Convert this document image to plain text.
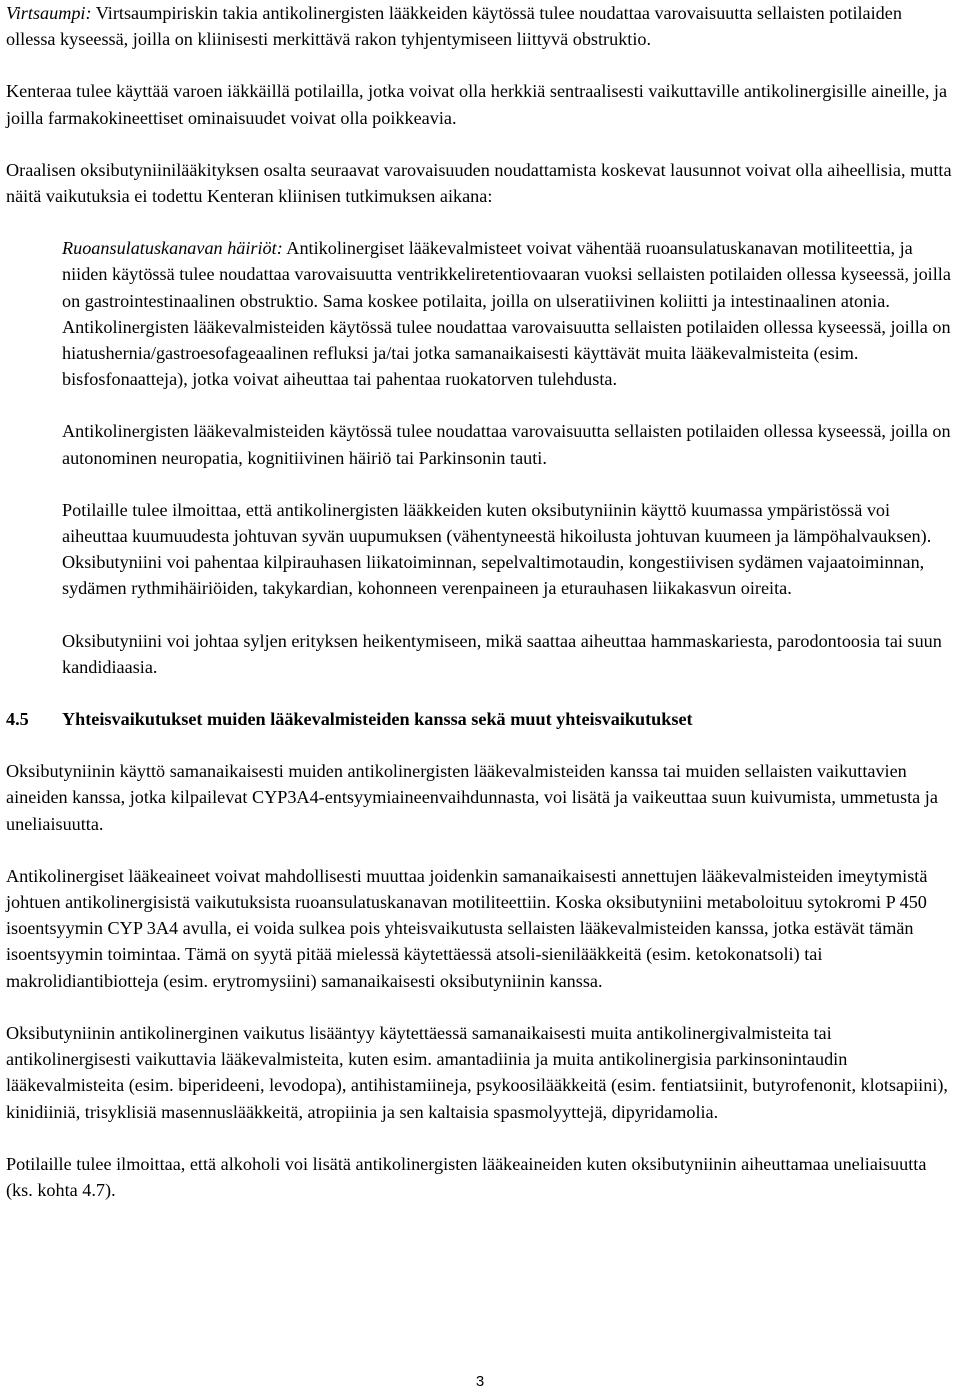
Virtsaumpi: Virtsaumpiriskin takia antikolinergisten lääkkeiden käytössä tulee noudattaa varovaisuutta sellaisten potilaiden ollessa kyseessä, joilla on kliinisesti merkittävä rakon tyhjentymiseen liittyvä obstruktio.

Kenteraa tulee käyttää varoen iäkkäillä potilailla, jotka voivat olla herkkiä sentraalisesti vaikuttaville antikolinergisille aineille, ja joilla farmakokineettiset ominaisuudet voivat olla poikkeavia.

Oraalisen oksibutyniinilääkityksen osalta seuraavat varovaisuuden noudattamista koskevat lausunnot voivat olla aiheellisia, mutta näitä vaikutuksia ei todettu Kenteran kliinisen tutkimuksen aikana:

Ruoansulatuskanavan häiriöt: Antikolinergiset lääkevalmisteet voivat vähentää ruoansulatuskanavan motiliteettia, ja niiden käytössä tulee noudattaa varovaisuutta ventrikkeliretentiovaaran vuoksi sellaisten potilaiden ollessa kyseessä, joilla on gastrointestinaalinen obstruktio. Sama koskee potilaita, joilla on ulseratiivinen koliitti ja intestinaalinen atonia. Antikolinergisten lääkevalmisteiden käytössä tulee noudattaa varovaisuutta sellaisten potilaiden ollessa kyseessä, joilla on hiatushernia/gastroesofageaalinen refluksi ja/tai jotka samanaikaisesti käyttävät muita lääkevalmisteita (esim. bisfosfonaatteja), jotka voivat aiheuttaa tai pahentaa ruokatorven tulehdusta.

Antikolinergisten lääkevalmisteiden käytössä tulee noudattaa varovaisuutta sellaisten potilaiden ollessa kyseessä, joilla on autonominen neuropatia, kognitiivinen häiriö tai Parkinsonin tauti.

Potilaille tulee ilmoittaa, että antikolinergisten lääkkeiden kuten oksibutyniinin käyttö kuumassa ympäristössä voi aiheuttaa kuumuudesta johtuvan syvän uupumuksen (vähentyneestä hikoilusta johtuvan kuumeen ja lämpöhalvauksen). Oksibutyniini voi pahentaa kilpirauhasen liikatoiminnan, sepelvaltimotaudin, kongestiivisen sydämen vajaatoiminnan, sydämen rythmihäiriöiden, takykardian, kohonneen verenpaineen ja eturauhasen liikakasvun oireita.

Oksibutyniini voi johtaa syljen erityksen heikentymiseen, mikä saattaa aiheuttaa hammaskariesta, parodontoosia tai suun kandidiaasia.

4.5	Yhteisvaikutukset muiden lääkevalmisteiden kanssa sekä muut yhteisvaikutukset

Oksibutyniinin käyttö samanaikaisesti muiden antikolinergisten lääkevalmisteiden kanssa tai muiden sellaisten vaikuttavien aineiden kanssa, jotka kilpailevat CYP3A4-entsyymiaineenvaihdunnasta, voi lisätä ja vaikeuttaa suun kuivumista, ummetusta ja uneliaisuutta.

Antikolinergiset lääkeaineet voivat mahdollisesti muuttaa joidenkin samanaikaisesti annettujen lääkevalmisteiden imeytymistä johtuen antikolinergisistä vaikutuksista ruoansulatuskanavan motiliteettiin. Koska oksibutyniini metaboloituu sytokromi P 450 isoentsyymin CYP 3A4 avulla, ei voida sulkea pois yhteisvaikutusta sellaisten lääkevalmisteiden kanssa, jotka estävät tämän isoentsyymin toimintaa. Tämä on syytä pitää mielessä käytettäessä atsoli-sienilääkkeitä (esim. ketokonatsoli) tai makrolidiantibiotteja (esim. erytromysiini) samanaikaisesti oksibutyniinin kanssa.

Oksibutyniinin antikolinerginen vaikutus lisääntyy käytettäessä samanaikaisesti muita antikolinergivalmisteita tai antikolinergisesti vaikuttavia lääkevalmisteita, kuten esim. amantadiinia ja muita antikolinergisia parkinsonintaudin lääkevalmisteita (esim. biperideeni, levodopa), antihistamiineja, psykoosilääkkeitä (esim. fentiatsiinit, butyrofenonit, klotsapiini), kinidiiniä, trisyklisiä masennuslääkkeitä, atropiinia ja sen kaltaisia spasmolyyttejä, dipyridamolia.

Potilaille tulee ilmoittaa, että alkoholi voi lisätä antikolinergisten lääkeaineiden kuten oksibutyniinin aiheuttamaa uneliaisuutta (ks. kohta 4.7).

3
